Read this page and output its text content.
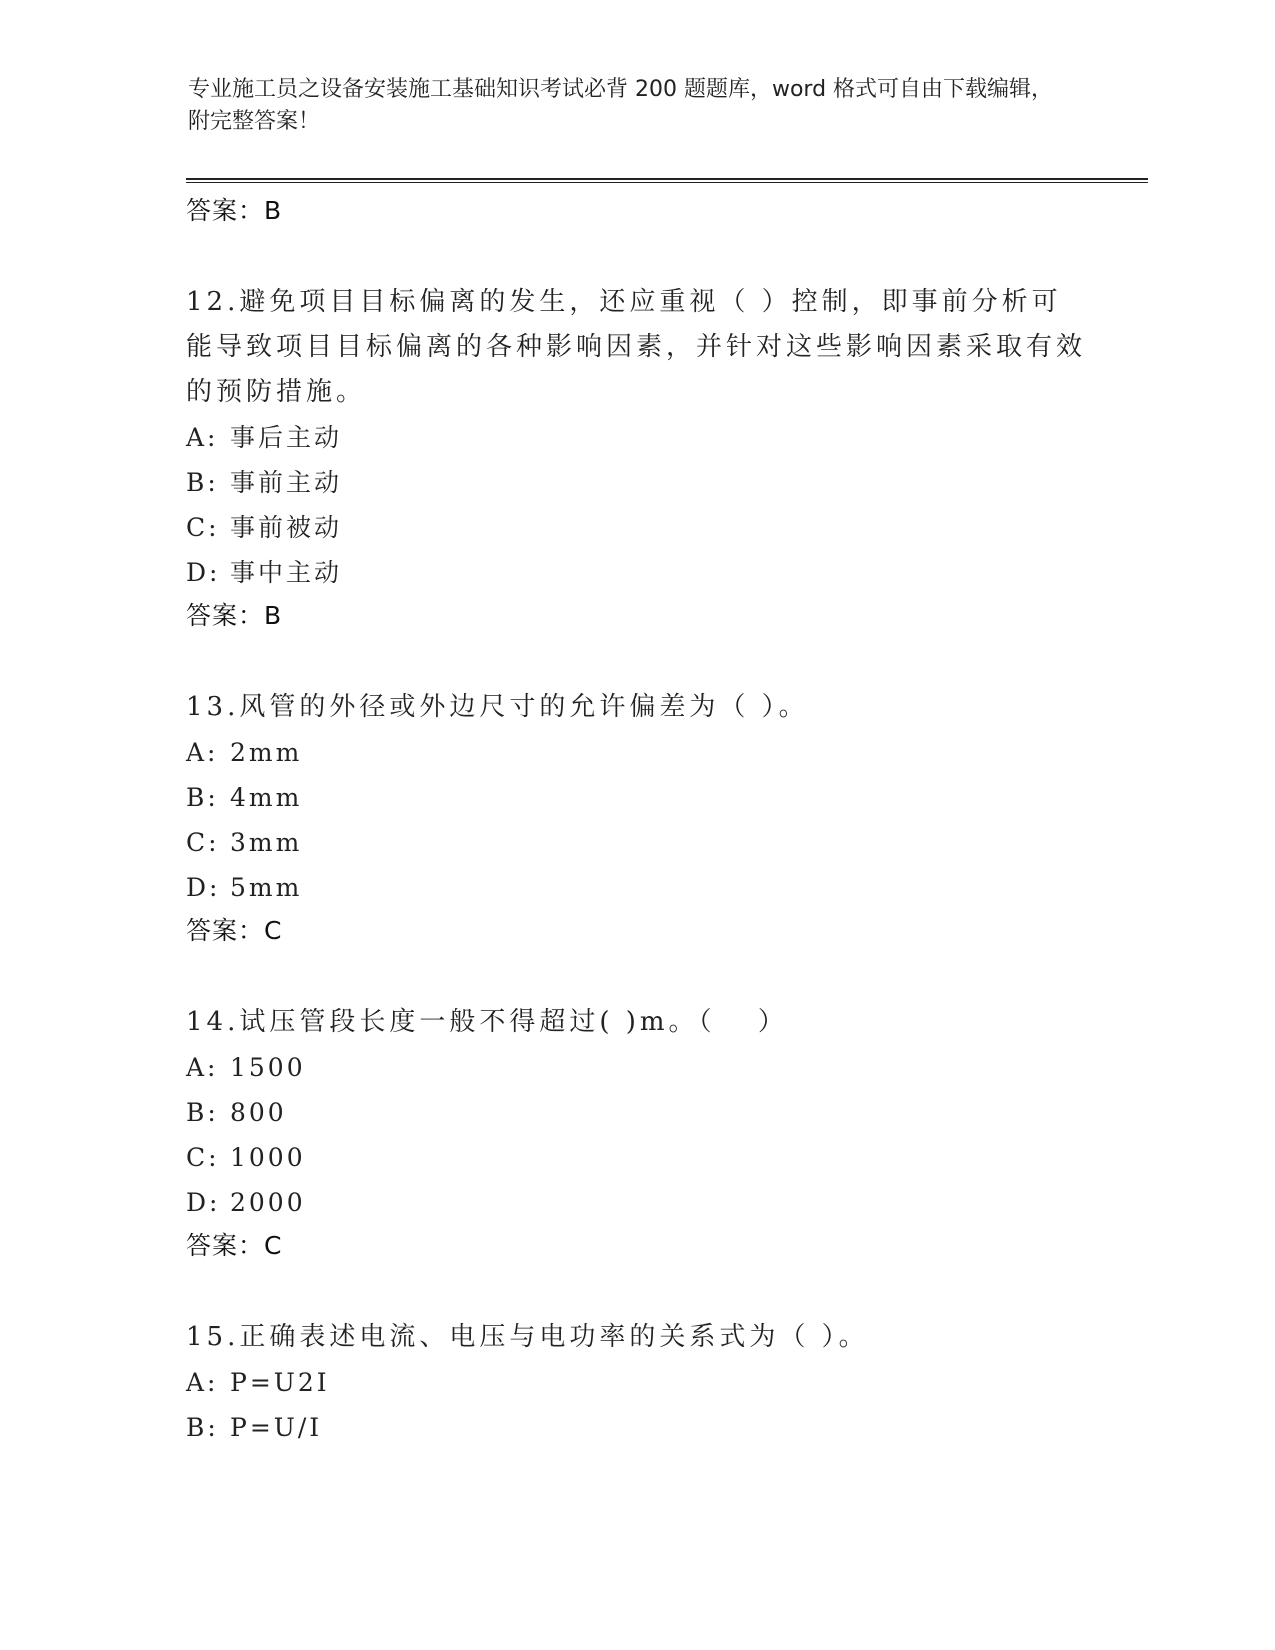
专业施工员之设备安装施工基础知识考试必背 200 题题库，word 格式可自由下载编辑，附完整答案！
答案：B
12.避免项目目标偏离的发生，还应重视（ ）控制，即事前分析可能导致项目目标偏离的各种影响因素，并针对这些影响因素采取有效的预防措施。
A: 事后主动
B: 事前主动
C: 事前被动
D: 事中主动
答案：B
13.风管的外径或外边尺寸的允许偏差为（ ）。
A: 2mm
B: 4mm
C: 3mm
D: 5mm
答案：C
14.试压管段长度一般不得超过( )m。（　 ）
A: 1500
B: 800
C: 1000
D: 2000
答案：C
15.正确表述电流、电压与电功率的关系式为（ ）。
A: P=U2I
B: P=U/I
